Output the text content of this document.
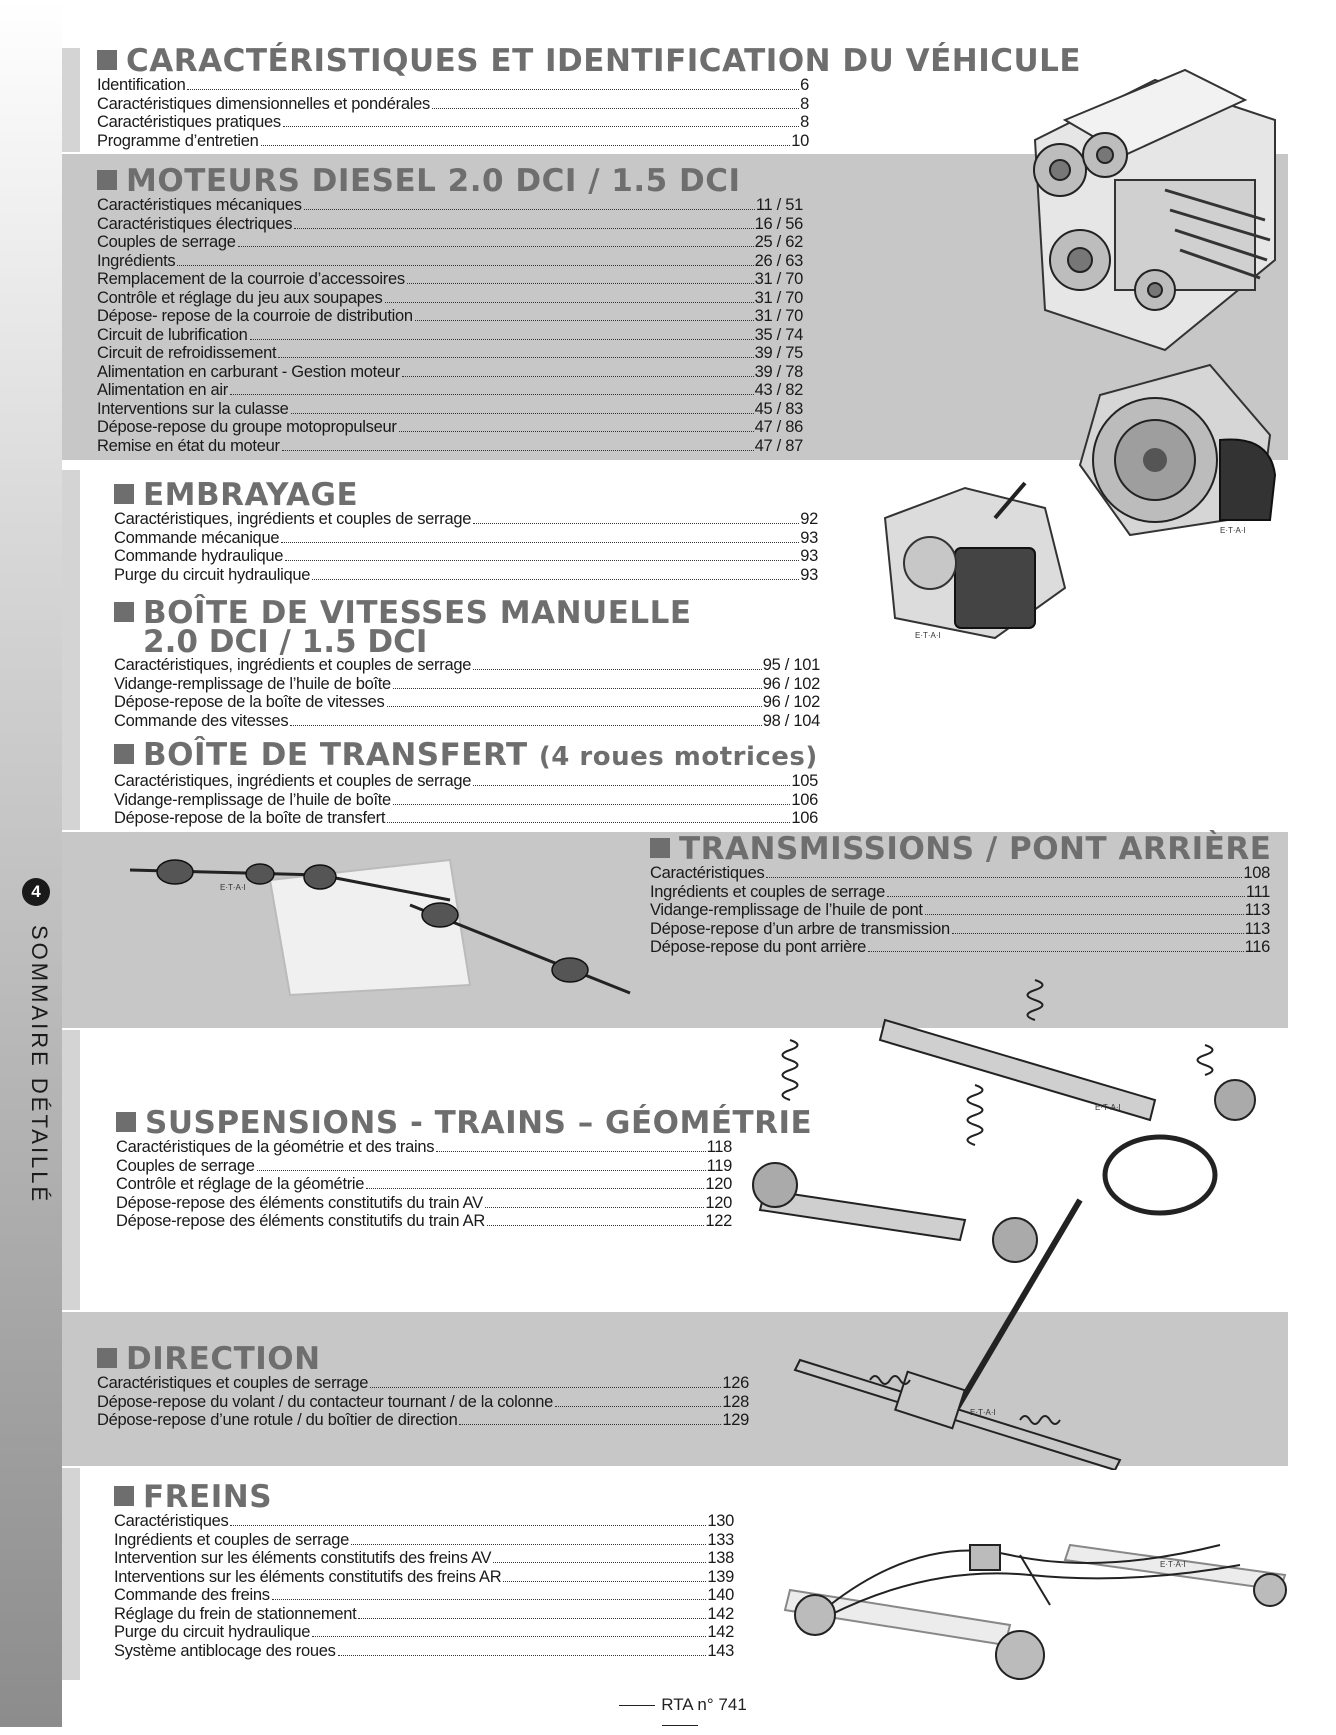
4
SOMMAIRE DÉTAILLÉ
CARACTÉRISTIQUES ET IDENTIFICATION DU VÉHICULE
Identification	6
Caractéristiques dimensionnelles et pondérales	8
Caractéristiques pratiques	8
Programme d’entretien	10
MOTEURS DIESEL 2.0 DCI / 1.5 DCI
Caractéristiques mécaniques	11 / 51
Caractéristiques électriques	16 / 56
Couples de serrage	25 / 62
Ingrédients	26 / 63
Remplacement de la courroie d’accessoires	31 / 70
Contrôle et réglage du jeu aux soupapes	31 / 70
Dépose- repose de la courroie de distribution	31 / 70
Circuit de lubrification	35 / 74
Circuit de refroidissement	39 / 75
Alimentation en carburant - Gestion moteur	39 / 78
Alimentation en air	43 / 82
Interventions sur la culasse	45 / 83
Dépose-repose du groupe motopropulseur	47 / 86
Remise en état du moteur	47 / 87
EMBRAYAGE
Caractéristiques, ingrédients et couples de serrage	92
Commande mécanique	93
Commande hydraulique	93
Purge du circuit hydraulique	93
BOÎTE DE VITESSES MANUELLE
2.0 DCI / 1.5 DCI
Caractéristiques, ingrédients et couples de serrage	95 / 101
Vidange-remplissage de l’huile de boîte	96 / 102
Dépose-repose de la boîte de vitesses	96 / 102
Commande des vitesses	98 / 104
BOÎTE DE TRANSFERT (4 roues motrices)
Caractéristiques, ingrédients et couples de serrage	105
Vidange-remplissage de l’huile de boîte	106
Dépose-repose de la boîte de transfert	106
TRANSMISSIONS / PONT ARRIÈRE
Caractéristiques	108
Ingrédients et couples de serrage	111
Vidange-remplissage de l’huile de pont	113
Dépose-repose d’un arbre de transmission	113
Dépose-repose du pont arrière	116
SUSPENSIONS - TRAINS – GÉOMÉTRIE
Caractéristiques de la géométrie et des trains	118
Couples de serrage	119
Contrôle et réglage de la géométrie	120
Dépose-repose des éléments constitutifs du train AV	120
Dépose-repose des éléments constitutifs du train AR	122
DIRECTION
Caractéristiques et couples de serrage	126
Dépose-repose du volant / du contacteur tournant / de la colonne	128
Dépose-repose d’une rotule / du boîtier de direction	129
FREINS
Caractéristiques	130
Ingrédients et couples de serrage	133
Intervention sur les éléments constitutifs des freins AV	138
Interventions sur les éléments constitutifs des freins AR	139
Commande des freins	140
Réglage du frein de stationnement	142
Purge du circuit hydraulique	142
Système antiblocage des roues	143
E·T·A·I
E·T·A·I
E·T·A·I
E·T·A·I
E·T·A·I
E·T·A·I
RTA n° 741
